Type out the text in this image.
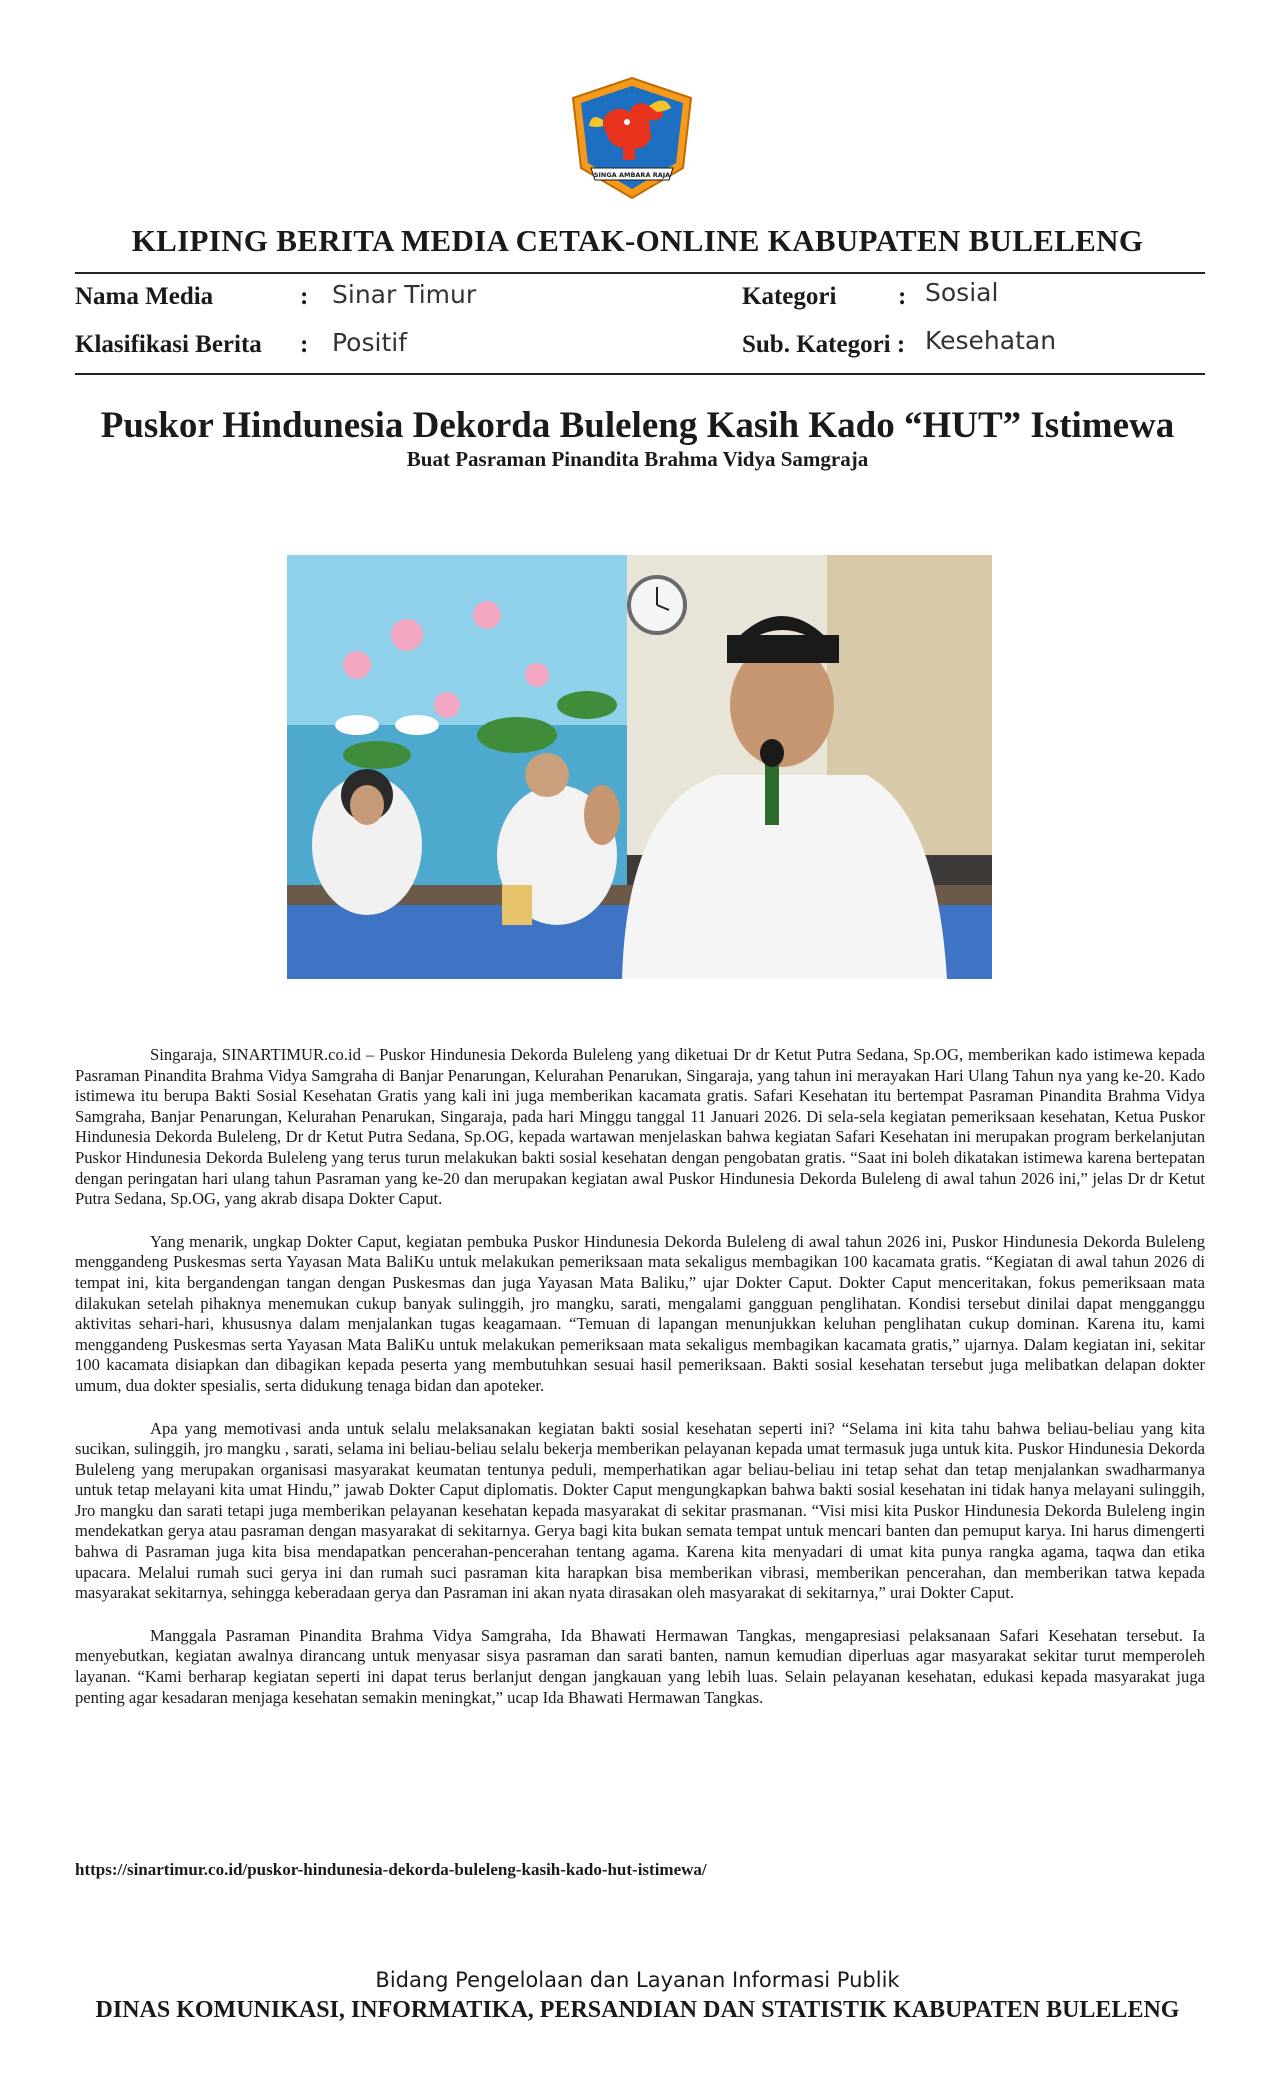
SINGA AMBARA RAJA
KLIPING BERITA MEDIA CETAK-ONLINE KABUPATEN BULELENG
Nama Media	: Sinar Timur
Klasifikasi Berita : Positif
Kategori : Sosial
Sub. Kategori : Kesehatan
Puskor Hindunesia Dekorda Buleleng Kasih Kado “HUT” Istimewa
Buat Pasraman Pinandita Brahma Vidya Samgraja

Singaraja, SINARTIMUR.co.id – Puskor Hindunesia Dekorda Buleleng yang diketuai Dr dr Ketut Putra Sedana, Sp.OG, memberikan kado istimewa kepada Pasraman Pinandita Brahma Vidya Samgraha di Banjar Penarungan, Kelurahan Penarukan, Singaraja, yang tahun ini merayakan Hari Ulang Tahun nya yang ke-20. Kado istimewa itu berupa Bakti Sosial Kesehatan Gratis yang kali ini juga memberikan kacamata gratis. Safari Kesehatan itu bertempat Pasraman Pinandita Brahma Vidya Samgraha, Banjar Penarungan, Kelurahan Penarukan, Singaraja, pada hari Minggu tanggal 11 Januari 2026. Di sela-sela kegiatan pemeriksaan kesehatan, Ketua Puskor Hindunesia Dekorda Buleleng, Dr dr Ketut Putra Sedana, Sp.OG, kepada wartawan menjelaskan bahwa kegiatan Safari Kesehatan ini merupakan program berkelanjutan Puskor Hindunesia Dekorda Buleleng yang terus turun melakukan bakti sosial kesehatan dengan pengobatan gratis. “Saat ini boleh dikatakan istimewa karena bertepatan dengan peringatan hari ulang tahun Pasraman yang ke-20 dan merupakan kegiatan awal Puskor Hindunesia Dekorda Buleleng di awal tahun 2026 ini,” jelas Dr dr Ketut Putra Sedana, Sp.OG, yang akrab disapa Dokter Caput.

Yang menarik, ungkap Dokter Caput, kegiatan pembuka Puskor Hindunesia Dekorda Buleleng di awal tahun 2026 ini, Puskor Hindunesia Dekorda Buleleng menggandeng Puskesmas serta Yayasan Mata BaliKu untuk melakukan pemeriksaan mata sekaligus membagikan 100 kacamata gratis. “Kegiatan di awal tahun 2026 di tempat ini, kita bergandengan tangan dengan Puskesmas dan juga Yayasan Mata Baliku,” ujar Dokter Caput. Dokter Caput menceritakan, fokus pemeriksaan mata dilakukan setelah pihaknya menemukan cukup banyak sulinggih, jro mangku, sarati, mengalami gangguan penglihatan. Kondisi tersebut dinilai dapat mengganggu aktivitas sehari-hari, khususnya dalam menjalankan tugas keagamaan. “Temuan di lapangan menunjukkan keluhan penglihatan cukup dominan. Karena itu, kami menggandeng Puskesmas serta Yayasan Mata BaliKu untuk melakukan pemeriksaan mata sekaligus membagikan kacamata gratis,” ujarnya. Dalam kegiatan ini, sekitar 100 kacamata disiapkan dan dibagikan kepada peserta yang membutuhkan sesuai hasil pemeriksaan. Bakti sosial kesehatan tersebut juga melibatkan delapan dokter umum, dua dokter spesialis, serta didukung tenaga bidan dan apoteker.

Apa yang memotivasi anda untuk selalu melaksanakan kegiatan bakti sosial kesehatan seperti ini? “Selama ini kita tahu bahwa beliau-beliau yang kita sucikan, sulinggih, jro mangku , sarati, selama ini beliau-beliau selalu bekerja memberikan pelayanan kepada umat termasuk juga untuk kita. Puskor Hindunesia Dekorda Buleleng yang merupakan organisasi masyarakat keumatan tentunya peduli, memperhatikan agar beliau-beliau ini tetap sehat dan tetap menjalankan swadharmanya untuk tetap melayani kita umat Hindu,” jawab Dokter Caput diplomatis. Dokter Caput mengungkapkan bahwa bakti sosial kesehatan ini tidak hanya melayani sulinggih, Jro mangku dan sarati tetapi juga memberikan pelayanan kesehatan kepada masyarakat di sekitar prasmanan. “Visi misi kita Puskor Hindunesia Dekorda Buleleng ingin mendekatkan gerya atau pasraman dengan masyarakat di sekitarnya. Gerya bagi kita bukan semata tempat untuk mencari banten dan pemuput karya. Ini harus dimengerti bahwa di Pasraman juga kita bisa mendapatkan pencerahan-pencerahan tentang agama. Karena kita menyadari di umat kita punya rangka agama, taqwa dan etika upacara. Melalui rumah suci gerya ini dan rumah suci pasraman kita harapkan bisa memberikan vibrasi, memberikan pencerahan, dan memberikan tatwa kepada masyarakat sekitarnya, sehingga keberadaan gerya dan Pasraman ini akan nyata dirasakan oleh masyarakat di sekitarnya,” urai Dokter Caput.

Manggala Pasraman Pinandita Brahma Vidya Samgraha, Ida Bhawati Hermawan Tangkas, mengapresiasi pelaksanaan Safari Kesehatan tersebut. Ia menyebutkan, kegiatan awalnya dirancang untuk menyasar sisya pasraman dan sarati banten, namun kemudian diperluas agar masyarakat sekitar turut memperoleh layanan. “Kami berharap kegiatan seperti ini dapat terus berlanjut dengan jangkauan yang lebih luas. Selain pelayanan kesehatan, edukasi kepada masyarakat juga penting agar kesadaran menjaga kesehatan semakin meningkat,” ucap Ida Bhawati Hermawan Tangkas.

https://sinartimur.co.id/puskor-hindunesia-dekorda-buleleng-kasih-kado-hut-istimewa/
Bidang Pengelolaan dan Layanan Informasi Publik
DINAS KOMUNIKASI, INFORMATIKA, PERSANDIAN DAN STATISTIK KABUPATEN BULELENG
